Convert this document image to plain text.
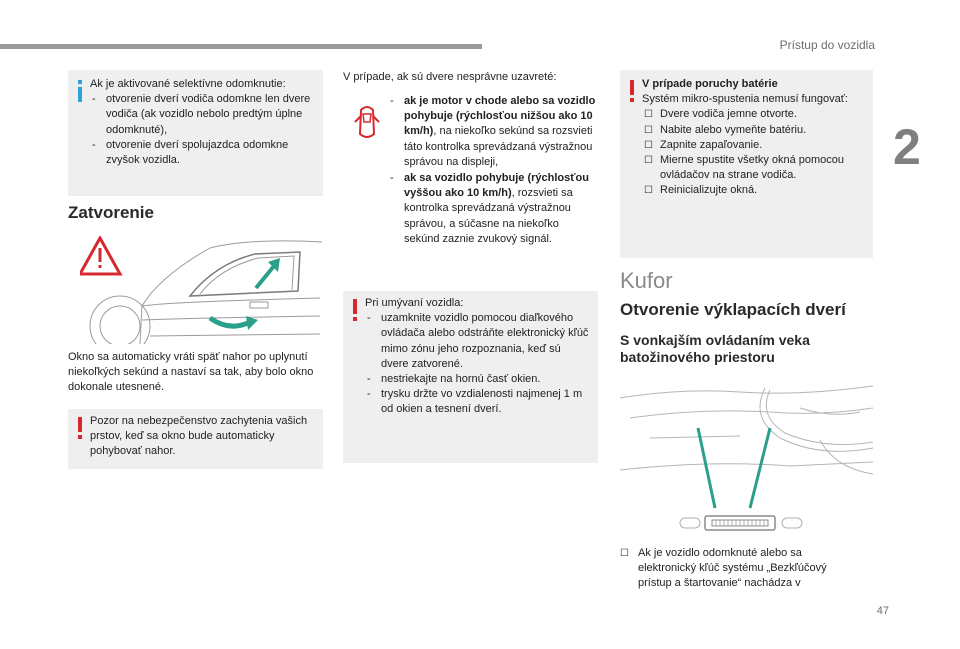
Prístup do vozidla
2
Ak je aktivované selektívne odomknutie:
- otvorenie dverí vodiča odomkne len dvere vodiča (ak vozidlo nebolo predtým úplne odomknuté),
- otvorenie dverí spolujazdca odomkne zvyšok vozidla.
Zatvorenie
Okno sa automaticky vráti späť nahor po uplynutí niekoľkých sekúnd a nastaví sa tak, aby bolo okno dokonale utesnené.
Pozor na nebezpečenstvo zachytenia vašich prstov, keď sa okno bude automaticky pohybovať nahor.
V prípade, ak sú dvere nesprávne uzavreté:
- ak je motor v chode alebo sa vozidlo pohybuje (rýchlosťou nižšou ako 10 km/h), na niekoľko sekúnd sa rozsvieti táto kontrolka sprevádzaná výstražnou správou na displeji,
- ak sa vozidlo pohybuje (rýchlosťou vyššou ako 10 km/h), rozsvieti sa kontrolka sprevádzaná výstražnou správou, a súčasne na niekoľko sekúnd zaznie zvukový signál.
Pri umývaní vozidla:
- uzamknite vozidlo pomocou diaľkového ovládača alebo odstráňte elektronický kľúč mimo zónu jeho rozpoznania, keď sú dvere zatvorené.
- nestriekajte na hornú časť okien.
- trysku držte vo vzdialenosti najmenej 1 m od okien a tesnení dverí.
V prípade poruchy batérie
Systém mikro-spustenia nemusí fungovať:
☐ Dvere vodiča jemne otvorte.
☐ Nabite alebo vymeňte batériu.
☐ Zapnite zapaľovanie.
☐ Mierne spustite všetky okná pomocou ovládačov na strane vodiča.
☐ Reinicializujte okná.
Kufor
Otvorenie výklapacích dverí
S vonkajším ovládaním veka batožinového priestoru
☐ Ak je vozidlo odomknuté alebo sa elektronický kľúč systému „Bezkľúčový prístup a štartovanie“ nachádza v
47
